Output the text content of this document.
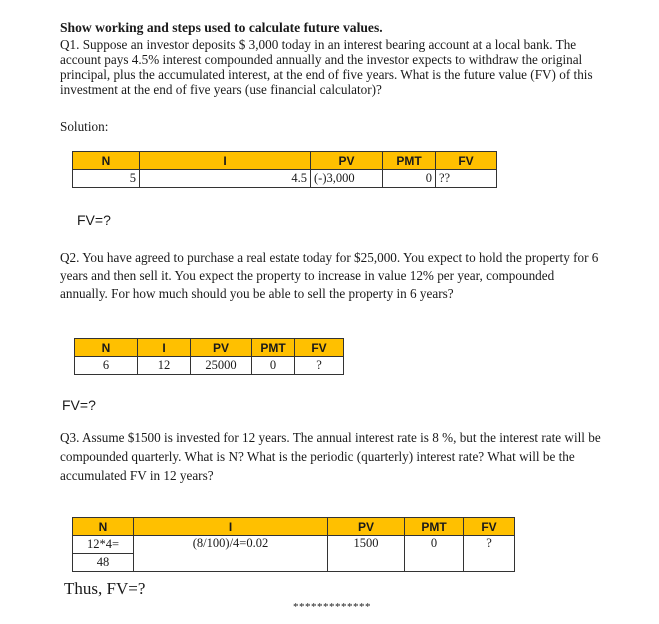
Show working and steps used to calculate future values.

Q1. Suppose an investor deposits $ 3,000 today in an interest bearing account at a local bank. The

account pays 4.5% interest compounded annually and the investor expects to withdraw the original

principal, plus the accumulated interest, at the end of five years. What is the future value (FV) of this

investment at the end of five years (use financial calculator)?

Solution:

N	I	PV	PMT	FV
5	4.5	(-)3,000	0	??
FV=?

Q2. You have agreed to purchase a real estate today for $25,000. You expect to hold the property for 6

years and then sell it. You expect the property to increase in value 12% per year, compounded

annually. For how much should you be able to sell the property in 6 years?

N	I	PV	PMT	FV
6	12	25000	0	?
FV=?

Q3. Assume $1500 is invested for 12 years. The annual interest rate is 8 %, but the interest rate will be

compounded quarterly. What is N? What is the periodic (quarterly) interest rate? What will be the

accumulated FV in 12 years?

N	I	PV	PMT	FV
12*4=	(8/100)/4=0.02	1500	0	?
48				
Thus, FV=?
*************
